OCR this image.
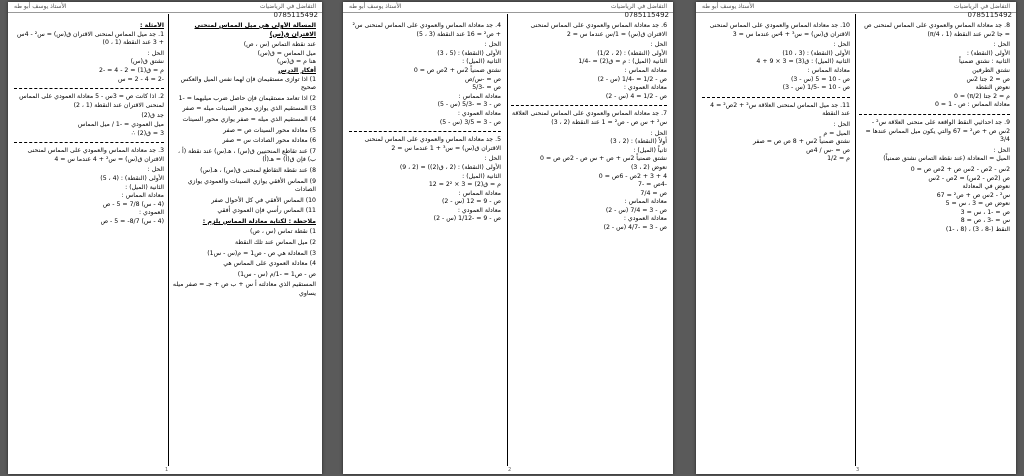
الأستاذ يوسف أبو طه	التفاضل في الرياضيات
0785115492
الأمثلة :
1. جد ميل المماس لمنحنى الاقتران ق(س) = س² - 4س + 3 عند النقطة (1 ، 0)
الحل :
نشتق ق(س)
م = ق(1) = 2 - 4 = -2
-2 = 4 - 2 = س
2. اذا كانت ص = 3س - 5 معادلة العمودي على المماس لمنحنى الاقتران عند النقطة (1 ، 2)
جد ق(2)
ميل العمودي = -1 / ميل المماس
3 = ق(2) ∴
3. جد معادلة المماس والعمودي على المماس لمنحنى الاقتران ق(س) = س² + 4 عندما س = 4
الحل :
الأولى (النقطة) : (4 ، 5)
الثانية (الميل) :
معادلة المماس :
(4 - س) 7/8 = 5 - ص
العمودي :
(4 - س) 8/7- = 5 - ص
المسألة الأولى هي ميل المماس لمنحنى الاقتران ق(س)
عند نقطة التماس (س ، ص)
ميل المماس = ق(س)
هنا م = ق(س)
أفكار الدرس
1) اذا توازى مستقيمان فإن لهما نفس الميل والعكس صحيح
2) اذا تعامد مستقيمان فإن حاصل ضرب ميليهما = -1
3) المستقيم الذي يوازي محور السينات ميله = صفر
4) المستقيم الذي ميله = صفر يوازي محور السينات
5) معادلة محور السينات ص = صفر
6) معادلة محور الصادات س = صفر
7) عند تقاطع المنحنيين ق(س) ، هـ(س) عند نقطة (أ ، ب) فإن ق(أ) = هـ(أ)
8) عند نقطة التقاطع لمنحنى ق(س) ، هـ(س)
9) المماس الأفقي يوازي السينات والعمودي يوازي الصادات
10) المماس الأفقي في كل الأحوال صفر
11) المماس رأسي فإن العمودي أفقي
ملاحظة : لكتابة معادلة المماس يلزم :
1) نقطة تماس (س ، ص)
2) ميل المماس عند تلك النقطة
3) المعادلة هي ص - ص1 = م(س - س1)
4) معادلة العمودي على المماس هي
ص - ص1 = -1/م (س - س1)
المستقيم الذي معادلته أ س + ب ص + جـ = صفر ميله يساوي
1
الأستاذ يوسف أبو طه	التفاضل في الرياضيات
0785115492
4. جد معادلة المماس والعمودي على المماس لمنحنى س² + ص² = 16 عند النقطة (3 ، 5)
الحل :
الأولى (النقطة) : (5 ، 3)
الثانية (الميل) :
نشتق ضمنياً 2س + 2ص ص = 0
ص = -س/ص
ص = -5/3
معادلة المماس :
ص - 3 = -5/3 (س - 5)
معادلة العمودي :
ص - 3 = 3/5 (س - 5)
5. جد معادلة المماس والعمودي على المماس لمنحنى الاقتران ق(س) = س³ + 1 عندما س = 2
الحل :
الأولى (النقطة) : (2 ، ق(2)) = (2 ، 9)
الثانية (الميل) :
م = ق(2) = 3 × 2² = 12
معادلة المماس :
ص - 9 = 12 (س - 2)
معادلة العمودي :
ص - 9 = -1/12 (س - 2)
6. جد معادلة المماس والعمودي على المماس لمنحنى الاقتران ق(س) = 1/س عندما س = 2
الحل :
الأولى (النقطة) : (2 ، 1/2)
الثانية (الميل) : م = ق(2) = -1/4
معادلة المماس :
ص - 1/2 = -1/4 (س - 2)
معادلة العمودي :
ص - 1/2 = 4 (س - 2)
7. جد معادلة المماس والعمودي على المماس لمنحنى العلاقة س² + س ص - ص² = 1 عند النقطة (2 ، 3)
الحل :
أولاً (النقطة) : (2 ، 3)
ثانياً (الميل) :
نشتق ضمنياً 2س + ص + س ص - 2ص ص = 0
نعوض (2 ، 3)
4 + 3 + 2ص - 6ص = 0
-4ص = -7
ص = 7/4
معادلة المماس :
ص - 3 = 7/4 (س - 2)
معادلة العمودي :
ص - 3 = -4/7 (س - 2)
2
الأستاذ يوسف أبو طه	التفاضل في الرياضيات
0785115492
10. جد معادلة المماس والعمودي على المماس لمنحنى الاقتران ق(س) = س³ + 4س عندما س = 3
الحل :
الأولى (النقطة) : (3 ، 10)
الثانية (الميل) : ق(3) = 3 × 9 + 4
معادلة المماس :
ص - 10 = 5 (س - 3)
ص - 10 = -1/5 (س - 3)
11. جد ميل المماس لمنحنى العلاقة س² + 2ص² = 4 عند النقطة
الحل :
الميل = م
نشتق ضمنياً 2س + 8 ص ص = صفر
ص = -س / 4ص
م = 1/2
8. جد معادلة المماس والعمودي على المماس لمنحنى ص = جا 2س عند النقطة (π/4 ، 1)
الحل :
الأولى (النقطة) :
الثانية : نشتق ضمنياً
نشتق الطرفين
ص = 2 جتا 2س
نعوض النقطة
م = 2 جتا (π/2) = 0
معادلة المماس : ص - 1 = 0
9. جد احداثيي النقط الواقعة على منحنى العلاقة س² - 2س ص + ص² = 67 والتي يكون ميل المماس عندها = 3/4
الحل :
الميل = المعادلة (عند نقطة التماس نشتق ضمنياً)
2س - 2ص - 2س ص + 2ص ص = 0
ص (2ص - 2س) = 2ص - 2س
نعوض في المعادلة
س² - 2س ص + ص² = 67
نعوض ص = 3 ، س = 5
ص = -1 ، س = 3
س = -3 ، ص = 8
النقط (-8 ، 3) ، (8 ، -1)
3
